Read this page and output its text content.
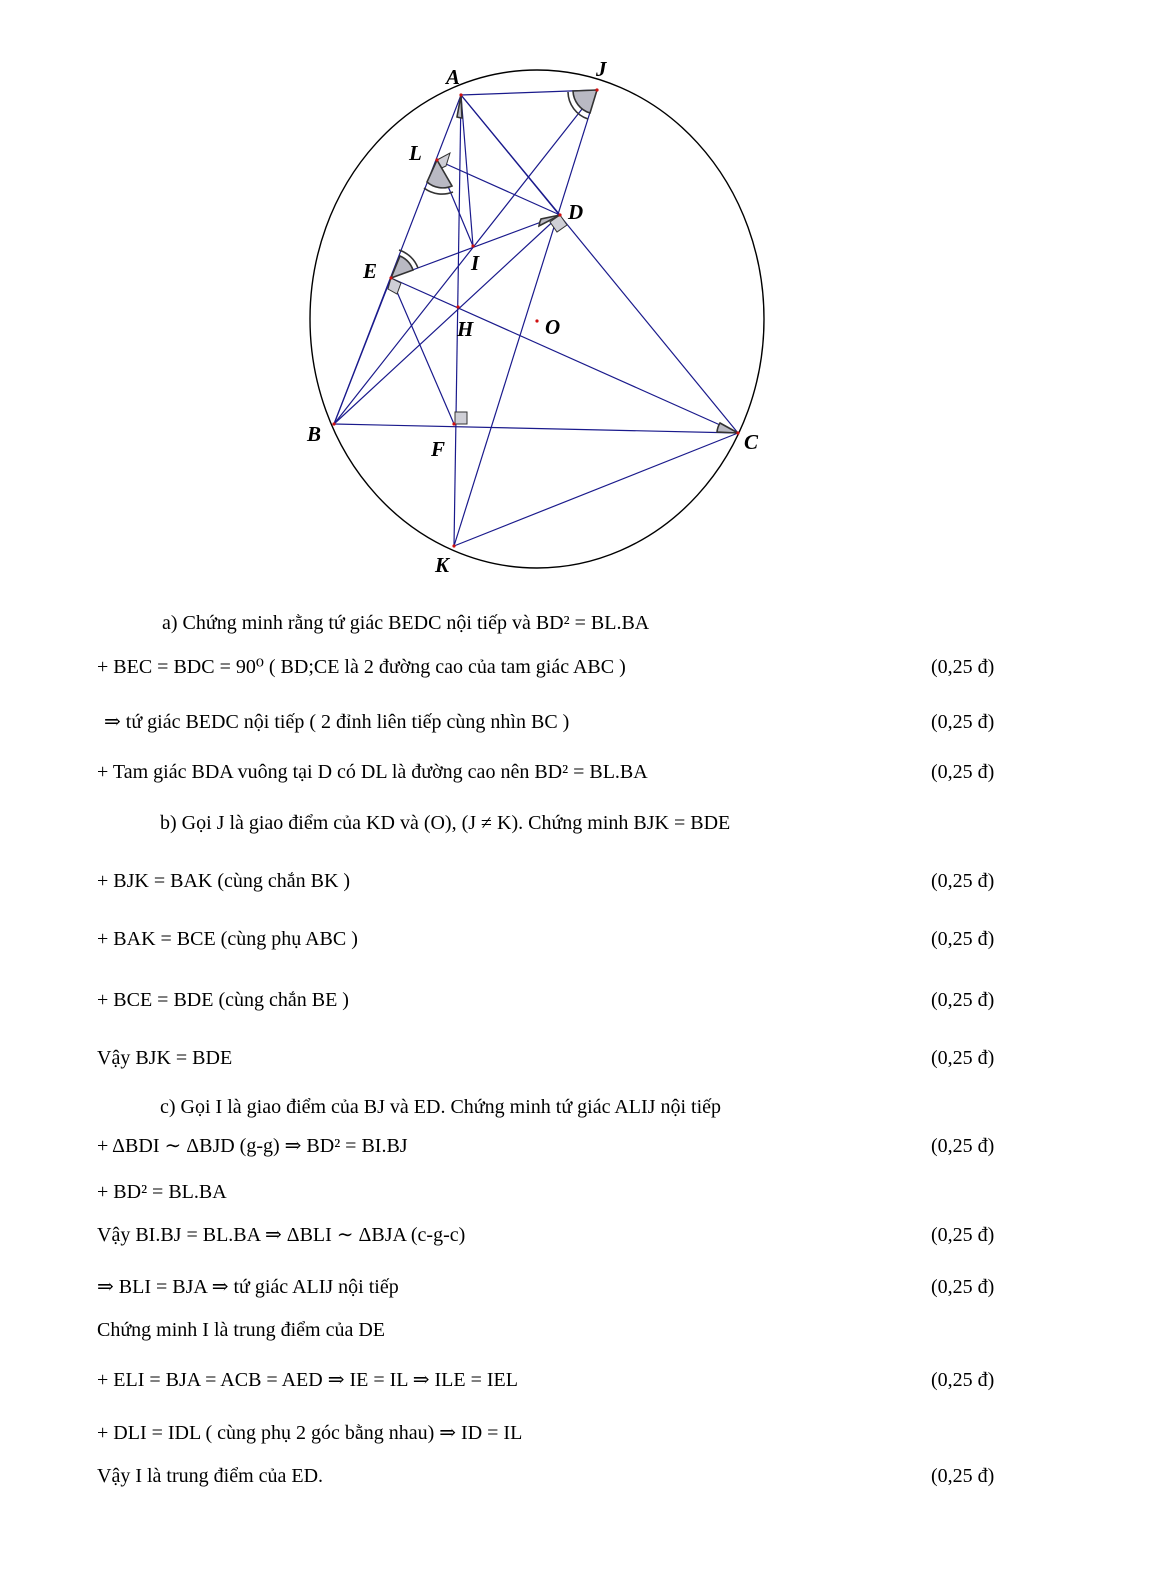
A	J
L
D
E	I
H	O
B
F	C
K
a) Chứng minh rằng tứ giác BEDC nội tiếp và BD² = BL.BA
+ BEC = BDC = 90⁰ ( BD;CE là 2 đường cao của tam giác ABC )	(0,25 đ)
⇒ tứ giác BEDC nội tiếp ( 2 đỉnh liên tiếp cùng nhìn BC )	(0,25 đ)
+ Tam giác BDA vuông tại D có DL là đường cao nên BD² = BL.BA	(0,25 đ)
b) Gọi J là giao điểm của KD và (O), (J ≠ K). Chứng minh BJK = BDE
+ BJK = BAK (cùng chắn BK )	(0,25 đ)
+ BAK = BCE (cùng phụ ABC )	(0,25 đ)
+ BCE = BDE (cùng chắn BE )	(0,25 đ)
Vậy BJK = BDE	(0,25 đ)
c) Gọi I là giao điểm của BJ và ED. Chứng minh tứ giác ALIJ nội tiếp
+ ΔBDI ∼ ΔBJD (g-g) ⇒ BD² = BI.BJ	(0,25 đ)
+ BD² = BL.BA
Vậy BI.BJ = BL.BA ⇒ ΔBLI ∼ ΔBJA (c-g-c)	(0,25 đ)
⇒ BLI = BJA ⇒ tứ giác ALIJ nội tiếp	(0,25 đ)
Chứng minh I là trung điểm của DE
+ ELI = BJA = ACB = AED ⇒ IE = IL ⇒ ILE = IEL	(0,25 đ)
+ DLI = IDL ( cùng phụ 2 góc bằng nhau) ⇒ ID = IL
Vậy I là trung điểm của ED.	(0,25 đ)
